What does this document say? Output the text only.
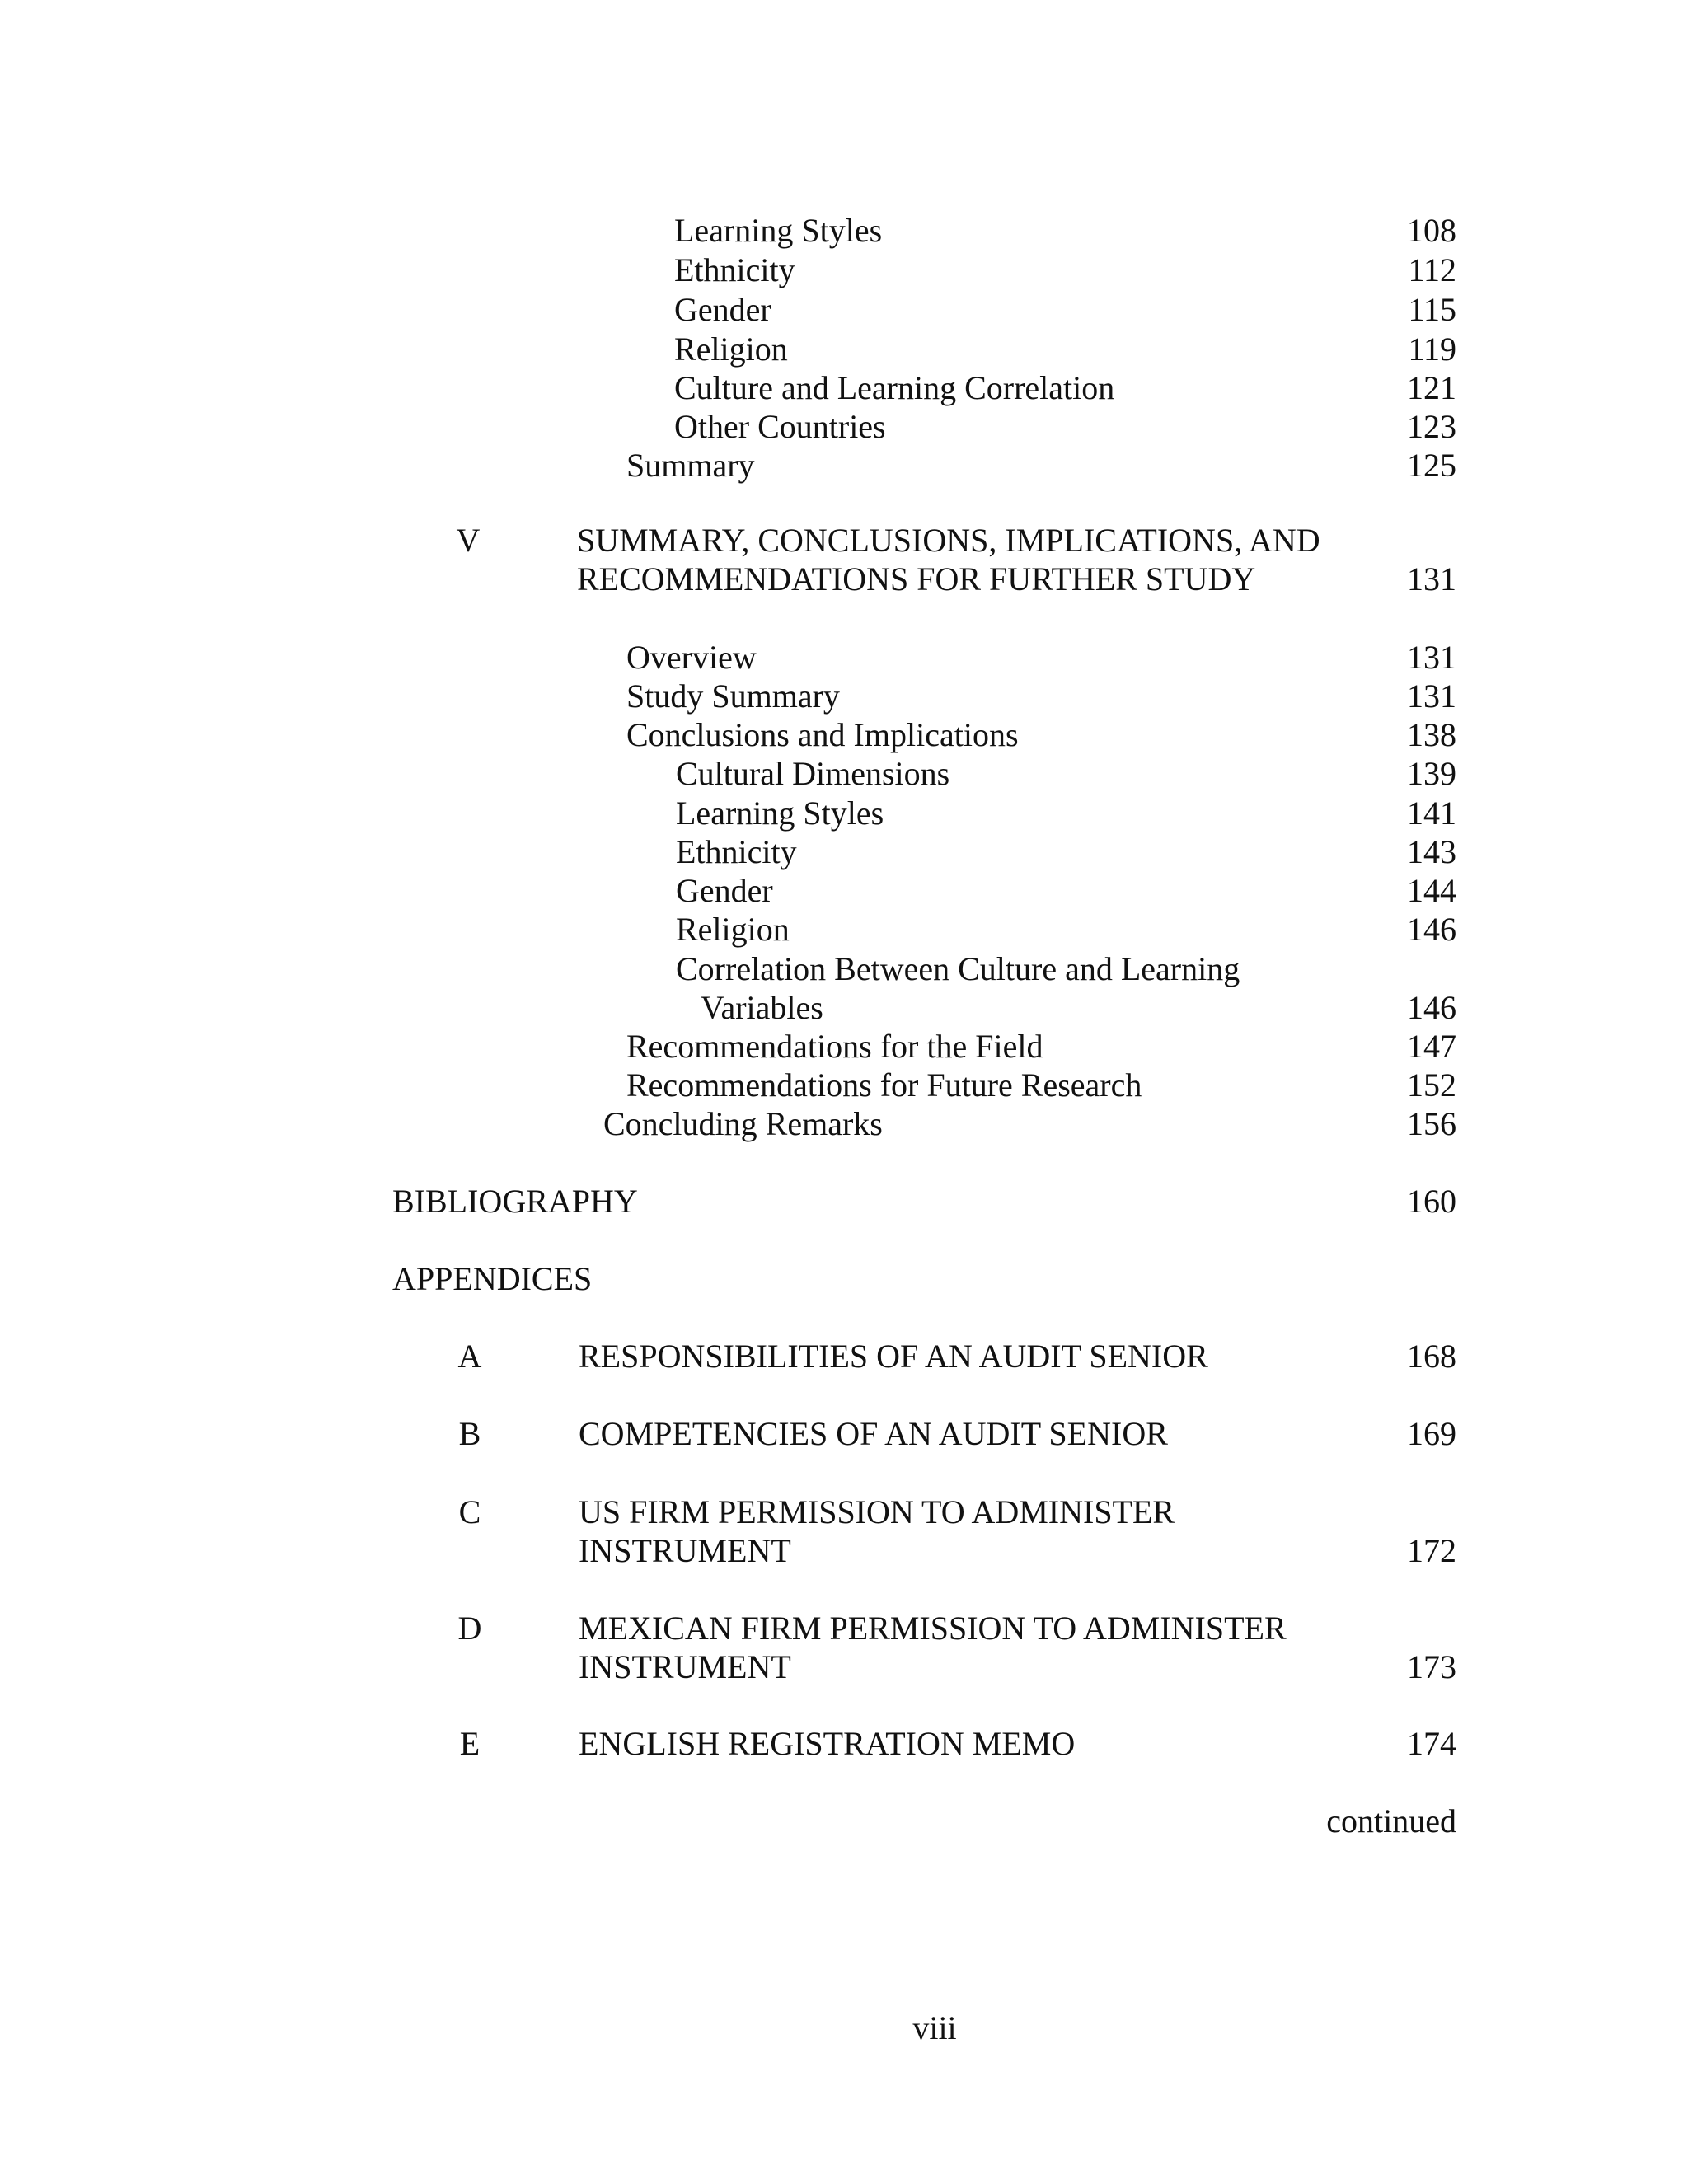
Learning Styles	108
Ethnicity	112
Gender	115
Religion	119
Culture and Learning Correlation	121
Other Countries	123
Summary	125
V	SUMMARY, CONCLUSIONS, IMPLICATIONS, AND
RECOMMENDATIONS FOR FURTHER STUDY	131
Overview	131
Study Summary	131
Conclusions and Implications	138
Cultural Dimensions	139
Learning Styles	141
Ethnicity	143
Gender	144
Religion	146
Correlation Between Culture and Learning
Variables	146
Recommendations for the Field	147
Recommendations for Future Research	152
Concluding Remarks	156
BIBLIOGRAPHY	160
APPENDICES
A	RESPONSIBILITIES OF AN AUDIT SENIOR	168
B	COMPETENCIES OF AN AUDIT SENIOR	169
C	US FIRM PERMISSION TO ADMINISTER
INSTRUMENT	172
D	MEXICAN FIRM PERMISSION TO ADMINISTER
INSTRUMENT	173
E	ENGLISH REGISTRATION MEMO	174
continued
viii
